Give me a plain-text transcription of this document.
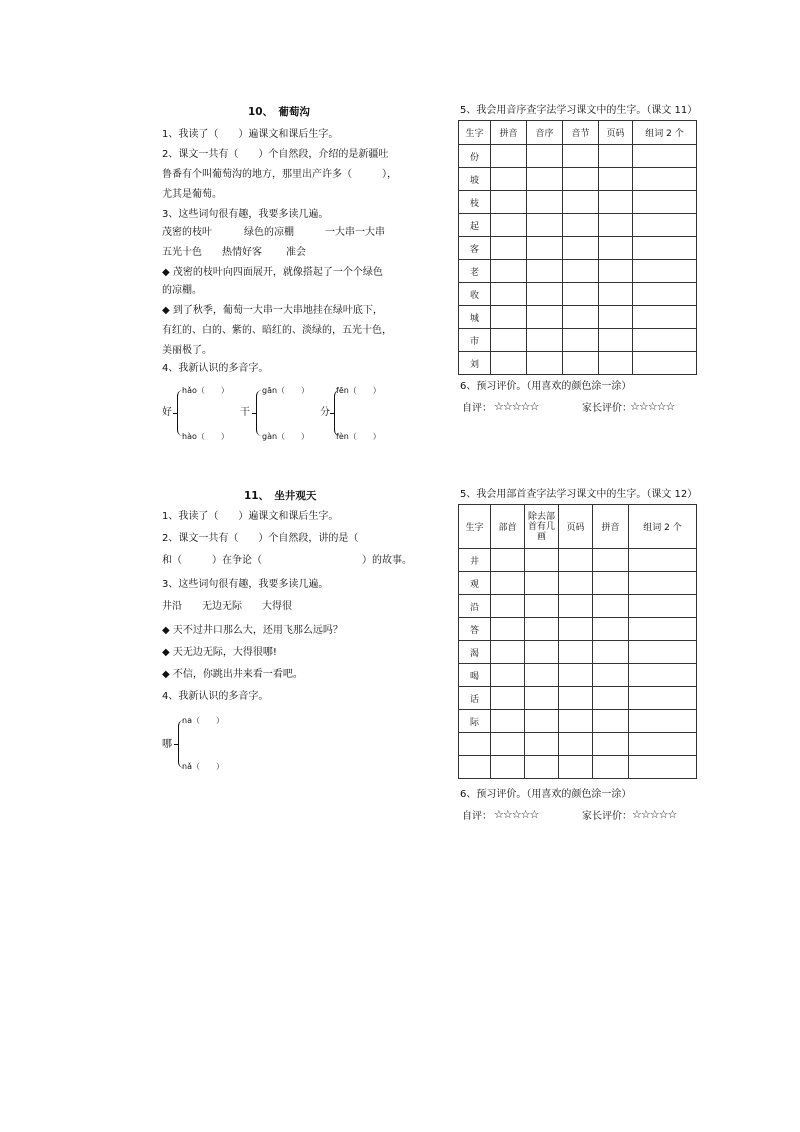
10、　葡萄沟
1、我读了（　　）遍课文和课后生字。
2、课文一共有（　　）个自然段，介绍的是新疆吐
鲁番有个叫葡萄沟的地方，那里出产许多（　　　），
尤其是葡萄。
3、这些词句很有趣，我要多读几遍。
茂密的枝叶	绿色的凉棚	一大串一大串
五光十色 热情好客 准会
◆ 茂密的枝叶向四面展开，就像搭起了一个个绿色
的凉棚。
◆ 到了秋季，葡萄一大串一大串地挂在绿叶底下，
有红的、白的、紫的、暗红的、淡绿的，五光十色，
美丽极了。
4、我新认识的多音字。
好
hǎo（　　）
hào（　　）
干
gān（　　）
gàn（　　）
分
fēn（　　）
fèn（　　）
5、我会用音序查字法学习课文中的生字。（课文 11）
生字	拼音	音序	音节	页码	组词 2 个
份					
坡					
枝					
起					
客					
老					
收					
城					
市					
刘					
6、预习评价。（用喜欢的颜色涂一涂）
自评： ☆☆☆☆☆	家长评价：
☆☆☆☆☆
11、　坐井观天
1、我读了（　　）遍课文和课后生字。
2、课文一共有（　　）个自然段，讲的是（　　　　　　
和（　　　）在争论（　　　　　　　　　　）的故事。
3、这些词句很有趣，我要多读几遍。
井沿 无边无际 大得很
◆ 天不过井口那么大，还用飞那么远吗？
◆ 天无边无际，大得很哪!
◆ 不信，你跳出井来看一看吧。
4、我新认识的多音字。
哪
na（　　）
nǎ（　　）
5、我会用部首查字法学习课文中的生字。（课文 12）
生字	部首	除去部首有几画	页码	拼音	组词 2 个
井					
观					
沿					
答					
渴					
喝					
话					
际					

6、预习评价。（用喜欢的颜色涂一涂）
自评： ☆☆☆☆☆	家长评价： ☆☆☆☆☆
